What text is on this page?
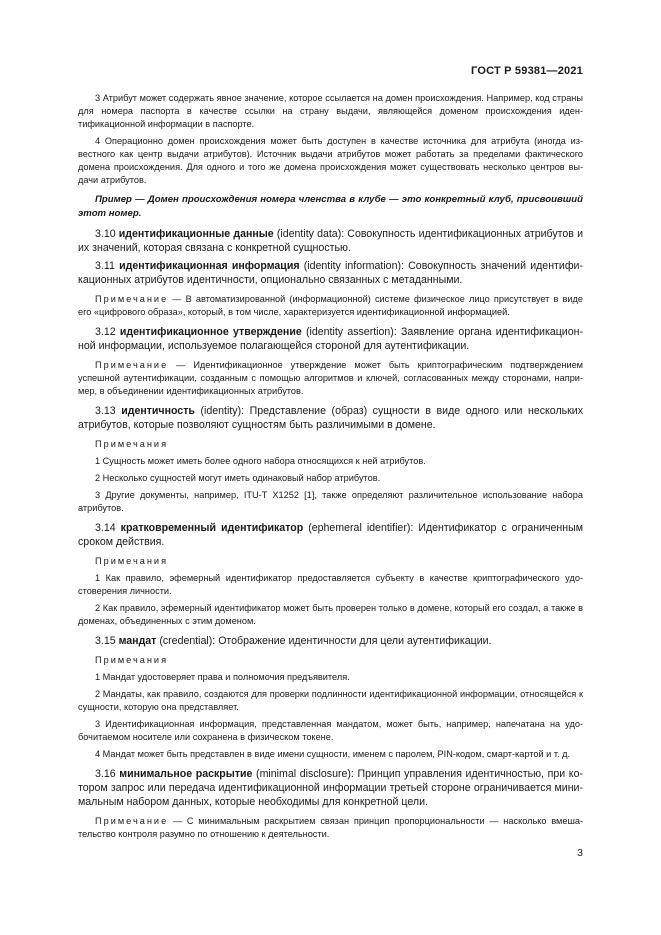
ГОСТ Р 59381—2021

3 Атрибут может содержать явное значение, которое ссылается на домен происхождения. Например, код страны для номера паспорта в качестве ссылки на страну выдачи, являющейся доменом происхождения идентификационной информации в паспорте.

4 Операционно домен происхождения может быть доступен в качестве источника для атрибута (иногда известного как центр выдачи атрибутов). Источник выдачи атрибутов может работать за пределами фактического домена происхождения. Для одного и того же домена происхождения может существовать несколько центров выдачи атрибутов.

Пример — Домен происхождения номера членства в клубе — это конкретный клуб, присвоивший этот номер.

3.10 идентификационные данные (identity data): Совокупность идентификационных атрибутов и их значений, которая связана с конкретной сущностью.

3.11 идентификационная информация (identity information): Совокупность значений идентификационных атрибутов идентичности, опционально связанных с метаданными.

Примечание — В автоматизированной (информационной) системе физическое лицо присутствует в виде его «цифрового образа», который, в том числе, характеризуется идентификационной информацией.

3.12 идентификационное утверждение (identity assertion): Заявление органа идентификационной информации, используемое полагающейся стороной для аутентификации.

Примечание — Идентификационное утверждение может быть криптографическим подтверждением успешной аутентификации, созданным с помощью алгоритмов и ключей, согласованных между сторонами, например, в объединении идентификационных атрибутов.

3.13 идентичность (identity): Представление (образ) сущности в виде одного или нескольких атрибутов, которые позволяют сущностям быть различимыми в домене.

Примечания

1 Сущность может иметь более одного набора относящихся к ней атрибутов.

2 Несколько сущностей могут иметь одинаковый набор атрибутов.

3 Другие документы, например, ITU-T X1252 [1], также определяют различительное использование набора атрибутов.

3.14 кратковременный идентификатор (ephemeral identifier): Идентификатор с ограниченным сроком действия.

Примечания

1 Как правило, эфемерный идентификатор предоставляется субъекту в качестве криптографического удостоверения личности.

2 Как правило, эфемерный идентификатор может быть проверен только в домене, который его создал, а также в доменах, объединенных с этим доменом.

3.15 мандат (credential): Отображение идентичности для цели аутентификации.

Примечания

1 Мандат удостоверяет права и полномочия предъявителя.

2 Мандаты, как правило, создаются для проверки подлинности идентификационной информации, относящейся к сущности, которую она представляет.

3 Идентификационная информация, представленная мандатом, может быть, например, напечатана на удобочитаемом носителе или сохранена в физическом токене.

4 Мандат может быть представлен в виде имени сущности, именем с паролем, PIN-кодом, смарт-картой и т. д.

3.16 минимальное раскрытие (minimal disclosure): Принцип управления идентичностью, при котором запрос или передача идентификационной информации третьей стороне ограничивается минимальным набором данных, которые необходимы для конкретной цели.

Примечание — С минимальным раскрытием связан принцип пропорциональности — насколько вмешательство контроля разумно по отношению к деятельности.

3
